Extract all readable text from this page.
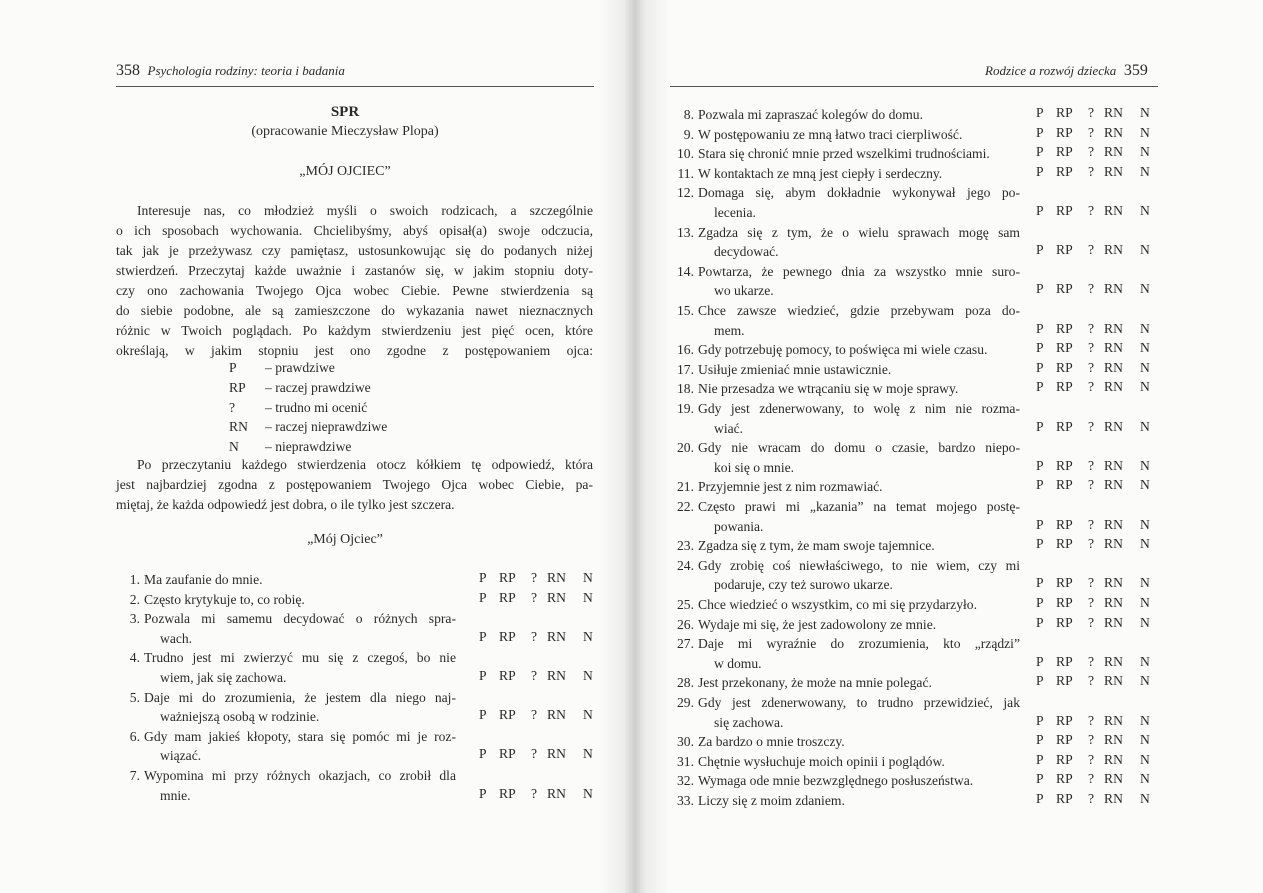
358 Psychologia rodziny: teoria i badania
SPR
(opracowanie Mieczysław Plopa)
„MÓJ OJCIEC”
Interesuje nas, co młodzież myśli o swoich rodzicach, a szczególnie
o ich sposobach wychowania. Chcielibyśmy, abyś opisał(a) swoje odczucia,
tak jak je przeżywasz czy pamiętasz, ustosunkowując się do podanych niżej
stwierdzeń. Przeczytaj każde uważnie i zastanów się, w jakim stopniu doty-
czy ono zachowania Twojego Ojca wobec Ciebie. Pewne stwierdzenia są
do siebie podobne, ale są zamieszczone do wykazania nawet nieznacznych
różnic w Twoich poglądach. Po każdym stwierdzeniu jest pięć ocen, które
określają, w jakim stopniu jest ono zgodne z postępowaniem ojca:
P – prawdziwe
RP – raczej prawdziwe
? – trudno mi ocenić
RN – raczej nieprawdziwe
N – nieprawdziwe
Po przeczytaniu każdego stwierdzenia otocz kółkiem tę odpowiedź, która
jest najbardziej zgodna z postępowaniem Twojego Ojca wobec Ciebie, pa-
miętaj, że każda odpowiedź jest dobra, o ile tylko jest szczera.
„Mój Ojciec”
1. Ma zaufanie do mnie.	P RP ? RN N
2. Często krytykuje to, co robię.	P RP ? RN N
3. Pozwala mi samemu decydować o różnych spra-
wach.	P RP ? RN N
4. Trudno jest mi zwierzyć mu się z czegoś, bo nie
wiem, jak się zachowa.	P RP ? RN N
5. Daje mi do zrozumienia, że jestem dla niego naj-
ważniejszą osobą w rodzinie.	P RP ? RN N
6. Gdy mam jakieś kłopoty, stara się pomóc mi je roz-
wiązać.	P RP ? RN N
7. Wypomina mi przy różnych okazjach, co zrobił dla
mnie.	P RP ? RN N
Rodzice a rozwój dziecka 359
8. Pozwala mi zapraszać kolegów do domu.	P RP ? RN N
9. W postępowaniu ze mną łatwo traci cierpliwość.	P RP ? RN N
10. Stara się chronić mnie przed wszelkimi trudnościami.	P RP ? RN N
11. W kontaktach ze mną jest ciepły i serdeczny.	P RP ? RN N
12. Domaga się, abym dokładnie wykonywał jego po-
lecenia.	P RP ? RN N
13. Zgadza się z tym, że o wielu sprawach mogę sam
decydować.	P RP ? RN N
14. Powtarza, że pewnego dnia za wszystko mnie suro-
wo ukarze.	P RP ? RN N
15. Chce zawsze wiedzieć, gdzie przebywam poza do-
mem.	P RP ? RN N
16. Gdy potrzebuję pomocy, to poświęca mi wiele czasu.	P RP ? RN N
17. Usiłuje zmieniać mnie ustawicznie.	P RP ? RN N
18. Nie przesadza we wtrącaniu się w moje sprawy.	P RP ? RN N
19. Gdy jest zdenerwowany, to wolę z nim nie rozma-
wiać.	P RP ? RN N
20. Gdy nie wracam do domu o czasie, bardzo niepo-
koi się o mnie.	P RP ? RN N
21. Przyjemnie jest z nim rozmawiać.	P RP ? RN N
22. Często prawi mi „kazania” na temat mojego postę-
powania.	P RP ? RN N
23. Zgadza się z tym, że mam swoje tajemnice.	P RP ? RN N
24. Gdy zrobię coś niewłaściwego, to nie wiem, czy mi
podaruje, czy też surowo ukarze.	P RP ? RN N
25. Chce wiedzieć o wszystkim, co mi się przydarzyło.	P RP ? RN N
26. Wydaje mi się, że jest zadowolony ze mnie.	P RP ? RN N
27. Daje mi wyraźnie do zrozumienia, kto „rządzi”
w domu.	P RP ? RN N
28. Jest przekonany, że może na mnie polegać.	P RP ? RN N
29. Gdy jest zdenerwowany, to trudno przewidzieć, jak
się zachowa.	P RP ? RN N
30. Za bardzo o mnie troszczy.	P RP ? RN N
31. Chętnie wysłuchuje moich opinii i poglądów.	P RP ? RN N
32. Wymaga ode mnie bezwzględnego posłuszeństwa.	P RP ? RN N
33. Liczy się z moim zdaniem.	P RP ? RN N
